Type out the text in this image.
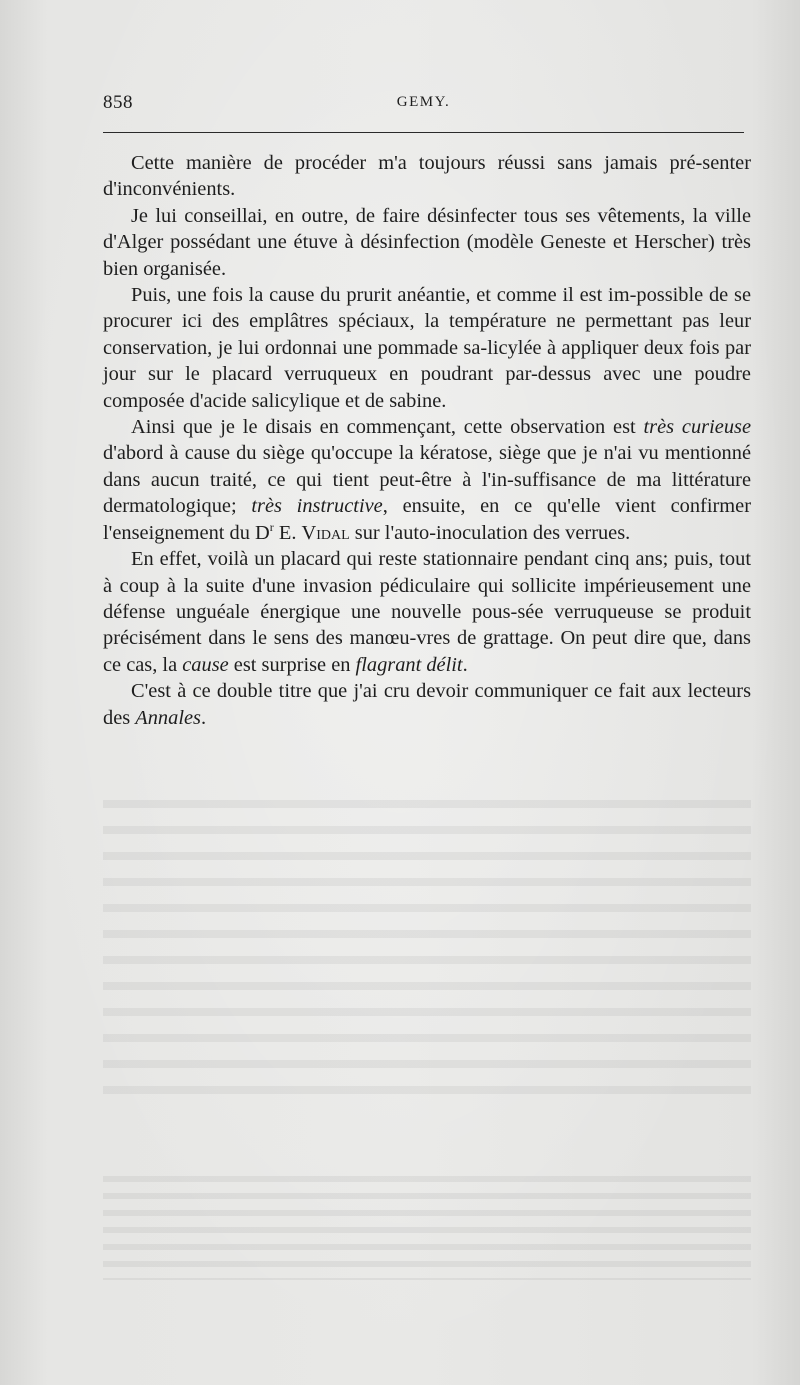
858	GEMY.

Cette manière de procéder m'a toujours réussi sans jamais pré-senter d'inconvénients.

Je lui conseillai, en outre, de faire désinfecter tous ses vêtements, la ville d'Alger possédant une étuve à désinfection (modèle Geneste et Herscher) très bien organisée.

Puis, une fois la cause du prurit anéantie, et comme il est im-possible de se procurer ici des emplâtres spéciaux, la température ne permettant pas leur conservation, je lui ordonnai une pommade sa-licylée à appliquer deux fois par jour sur le placard verruqueux en poudrant par-dessus avec une poudre composée d'acide salicylique et de sabine.

Ainsi que je le disais en commençant, cette observation est très curieuse d'abord à cause du siège qu'occupe la kératose, siège que je n'ai vu mentionné dans aucun traité, ce qui tient peut-être à l'in-suffisance de ma littérature dermatologique; très instructive, ensuite, en ce qu'elle vient confirmer l'enseignement du $D^r$ E. Vidal sur l'auto-inoculation des verrues.

En effet, voilà un placard qui reste stationnaire pendant cinq ans; puis, tout à coup à la suite d'une invasion pédiculaire qui sollicite impérieusement une défense unguéale énergique une nouvelle pous-sée verruqueuse se produit précisément dans le sens des manœu-vres de grattage. On peut dire que, dans ce cas, la cause est surprise en flagrant délit.

C'est à ce double titre que j'ai cru devoir communiquer ce fait aux lecteurs des Annales.
